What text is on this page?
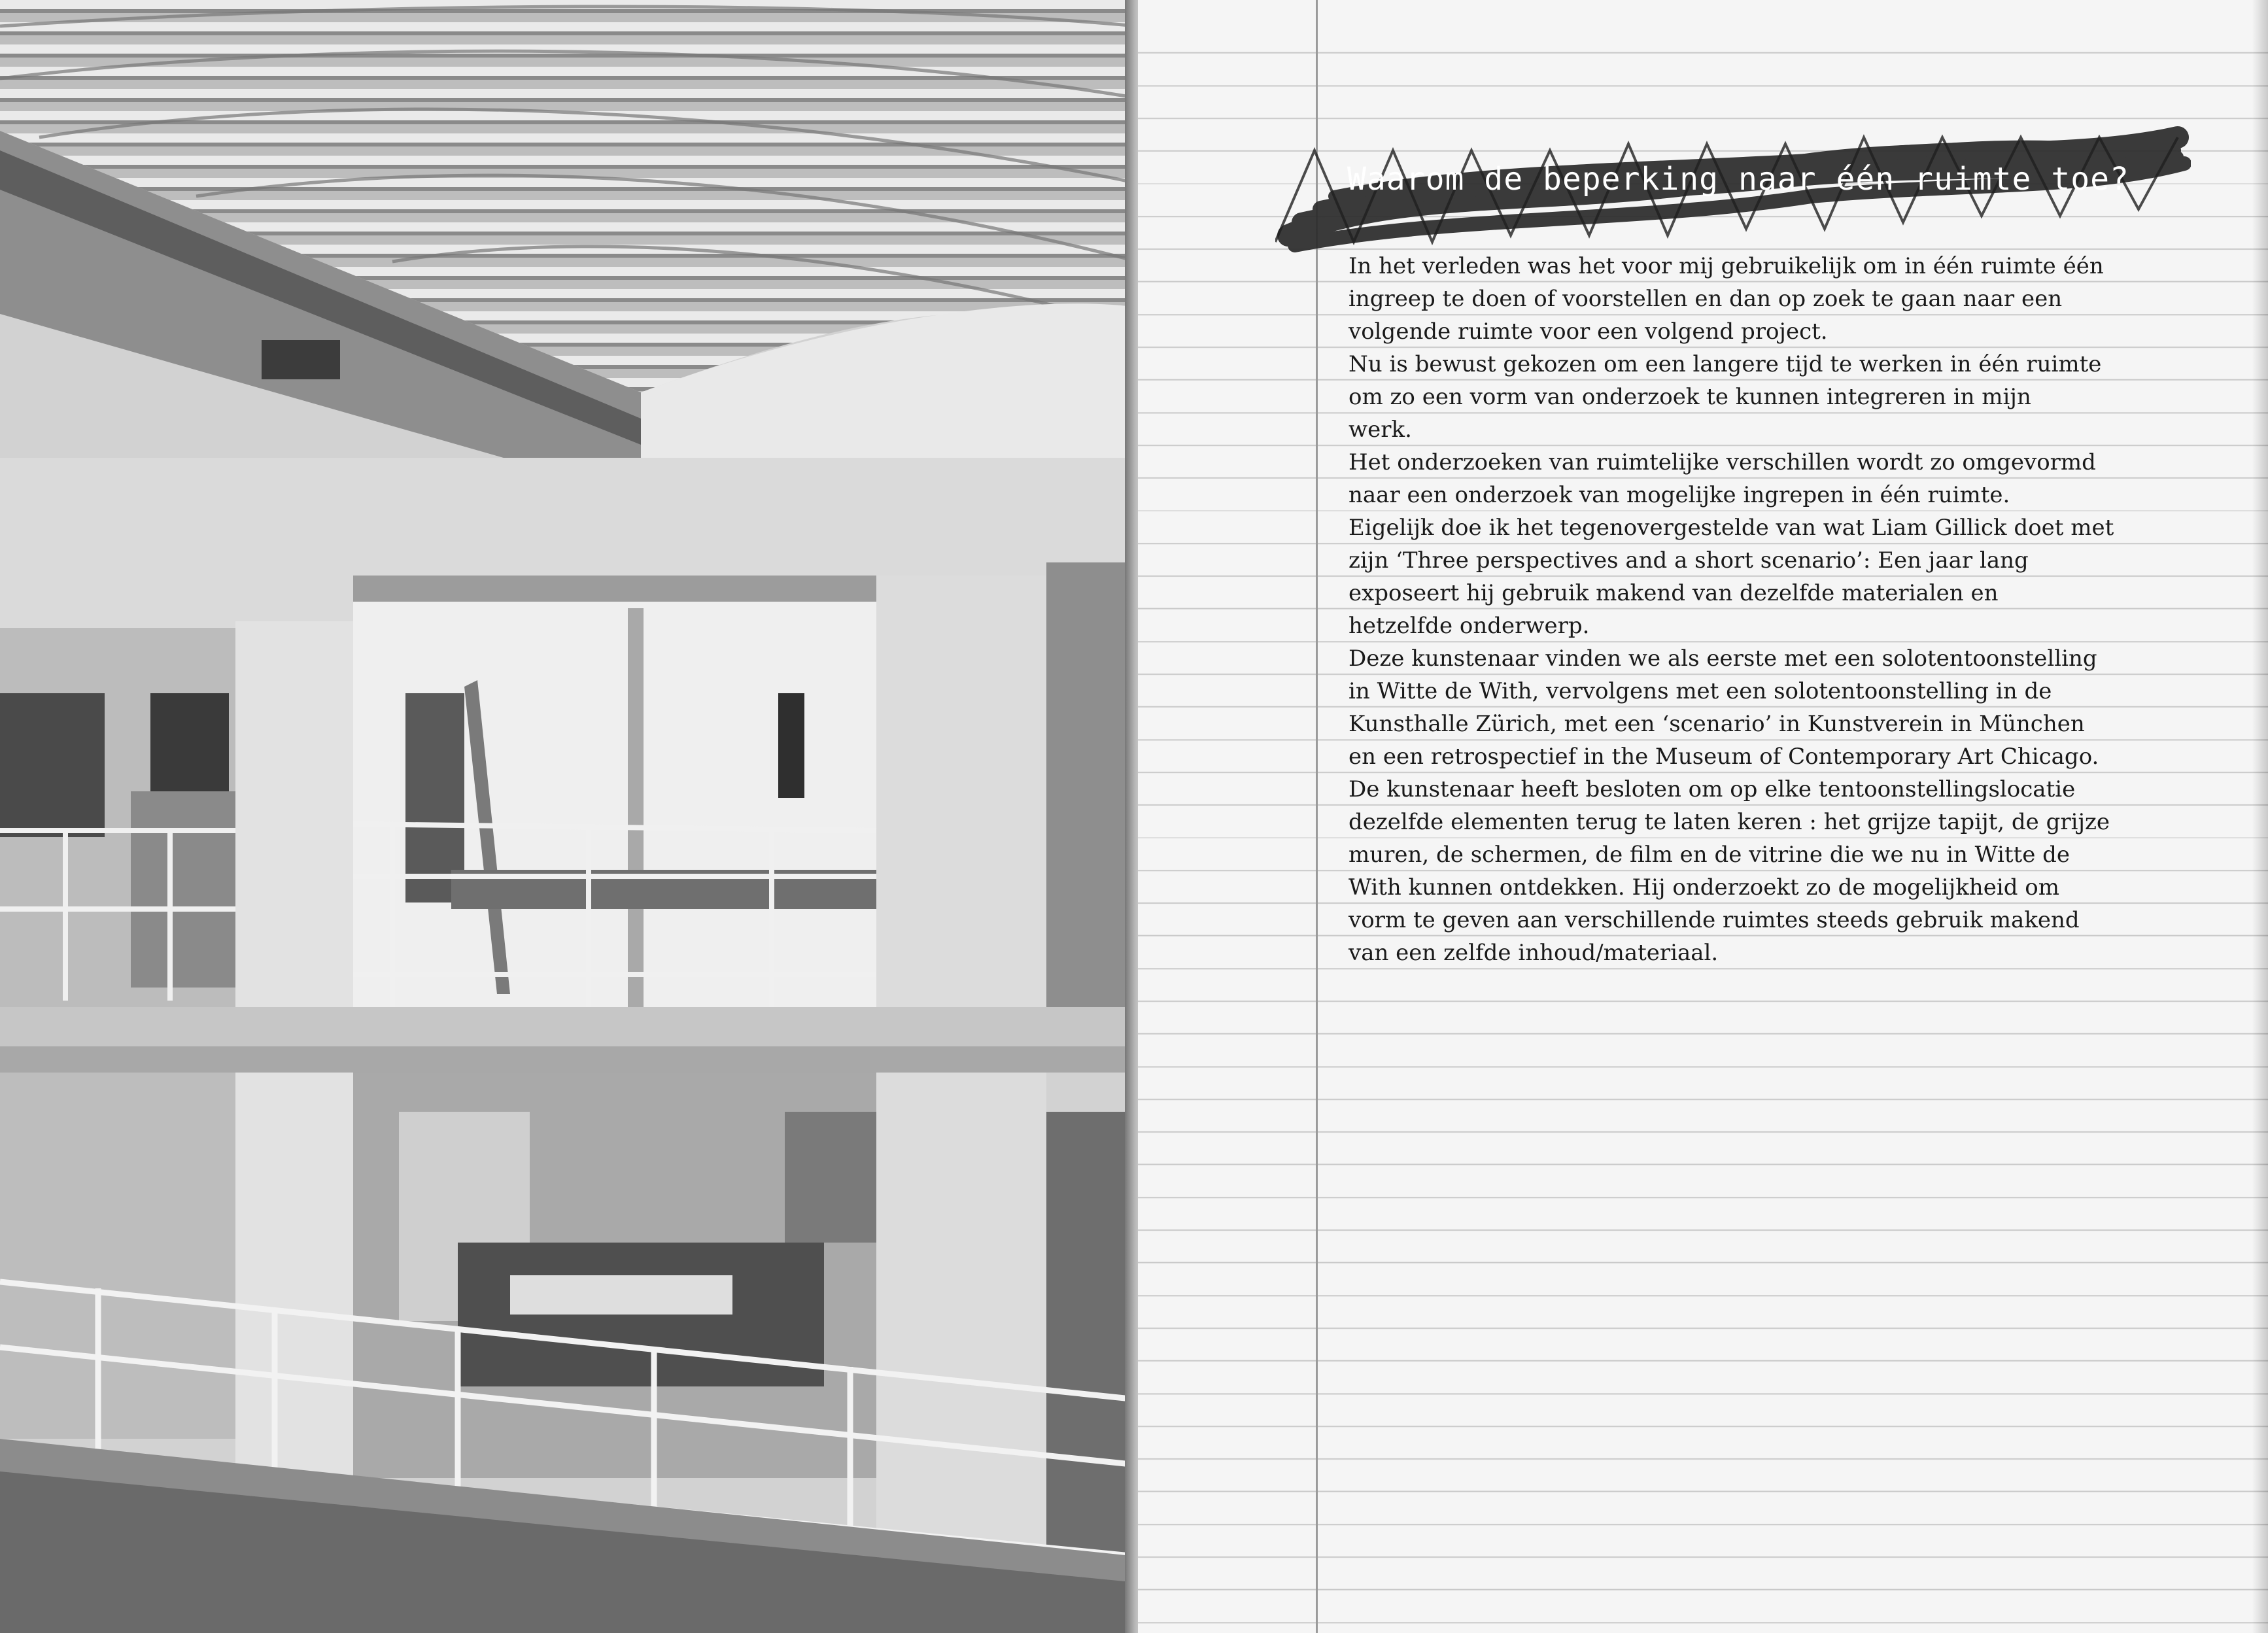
Waarom de beperking naar één ruimte toe?
In het verleden was het voor mij gebruikelijk om in één ruimte één
ingreep te doen of voorstellen en dan op zoek te gaan naar een
volgende ruimte voor een volgend project.
Nu is bewust gekozen om een langere tijd te werken in één ruimte
om zo een vorm van onderzoek te kunnen integreren in mijn
werk.
Het onderzoeken van ruimtelijke verschillen wordt zo omgevormd
naar een onderzoek van mogelijke ingrepen in één ruimte.
Eigelijk doe ik het tegenovergestelde van wat Liam Gillick doet met
zijn ‘Three perspectives and a short scenario’: Een jaar lang
exposeert hij gebruik makend van dezelfde materialen en
hetzelfde onderwerp.
Deze kunstenaar vinden we als eerste met een solotentoonstelling
in Witte de With, vervolgens met een solotentoonstelling in de
Kunsthalle Zürich, met een ‘scenario’ in Kunstverein in München
en een retrospectief in the Museum of Contemporary Art Chicago.
De kunstenaar heeft besloten om op elke tentoonstellingslocatie
dezelfde elementen terug te laten keren : het grijze tapijt, de grijze
muren, de schermen, de film en de vitrine die we nu in Witte de
With kunnen ontdekken. Hij onderzoekt zo de mogelijkheid om
vorm te geven aan verschillende ruimtes steeds gebruik makend
van een zelfde inhoud/materiaal.
